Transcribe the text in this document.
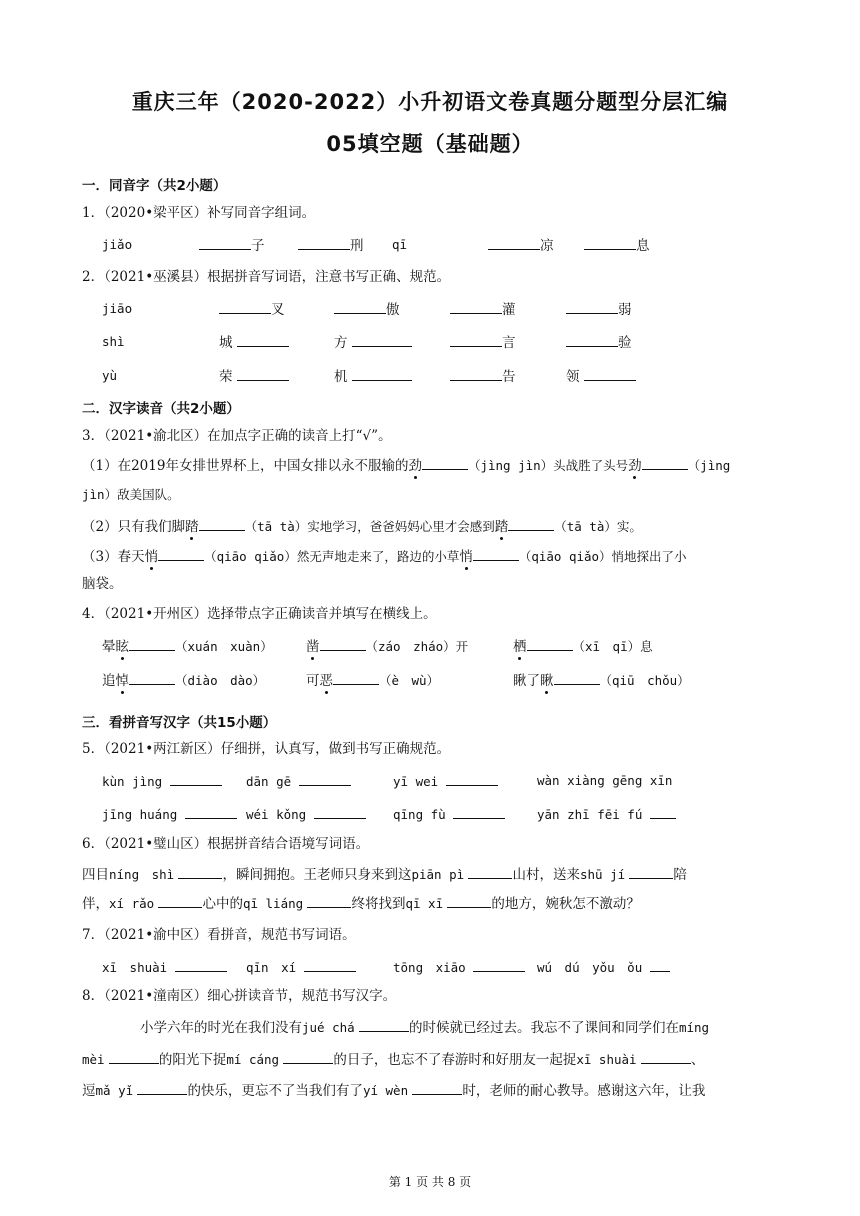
重庆三年（2020-2022）小升初语文卷真题分题型分层汇编
05填空题（基础题）
一．同音字（共2小题）
1．（2020•梁平区）补写同音字组词。
jiǎo	子	刑 qī	凉	息
2．（2021•巫溪县）根据拼音写词语，注意书写正确、规范。
jiāo	叉	傲	灌	弱
shì	城	方	言	验
yù	荣	机	告	领
二．汉字读音（共2小题）
3．（2021•渝北区）在加点字正确的读音上打“√”。
（1）在2019年女排世界杯上，中国女排以永不服输的劲	（jìng jìn）头战胜了头号劲	（jìng
jìn）敌美国队。
（2）只有我们脚踏	（tā tà）实地学习，爸爸妈妈心里才会感到踏	（tā tà）实。
（3）春天悄	（qiāo qiǎo）然无声地走来了，路边的小草悄	（qiāo qiǎo）悄地探出了小
脑袋。
4．（2021•开州区）选择带点字正确读音并填写在横线上。
晕眩	（xuán　xuàn） 凿	（záo　zháo）开	栖	（xī　qī）息
追悼	（diào　dào）	可恶	（è　wù）	瞅了瞅	（qiū　chǒu）
三．看拼音写汉字（共15小题）
5．（2021•两江新区）仔细拼，认真写，做到书写正确规范。
kùn jìng	dān gē	yī wei	wàn xiàng gēng xīn
jīng huáng	wéi kǒng	qīng fù	yān zhī fēi fú
6．（2021•璧山区）根据拼音结合语境写词语。
四目níng　shì	，瞬间拥抱。王老师只身来到这piān pì	山村，送来shū jí	陪
伴，xí rǎo	心中的qī liáng	终将找到qī xī	的地方，婉秋怎不激动？
7．（2021•渝中区）看拼音，规范书写词语。
xī　shuài	qīn　xí	tōng　xiāo	wú　dú　yǒu　ǒu
8．（2021•潼南区）细心拼读音节，规范书写汉字。
小学六年的时光在我们没有jué chá	的时候就已经过去。我忘不了课间和同学们在míng
mèi	的阳光下捉mí cáng	的日子，也忘不了春游时和好朋友一起捉xī shuài	、
逗mǎ yǐ	的快乐，更忘不了当我们有了yí wèn	时，老师的耐心教导。感谢这六年，让我
第 1 页 共 8 页
